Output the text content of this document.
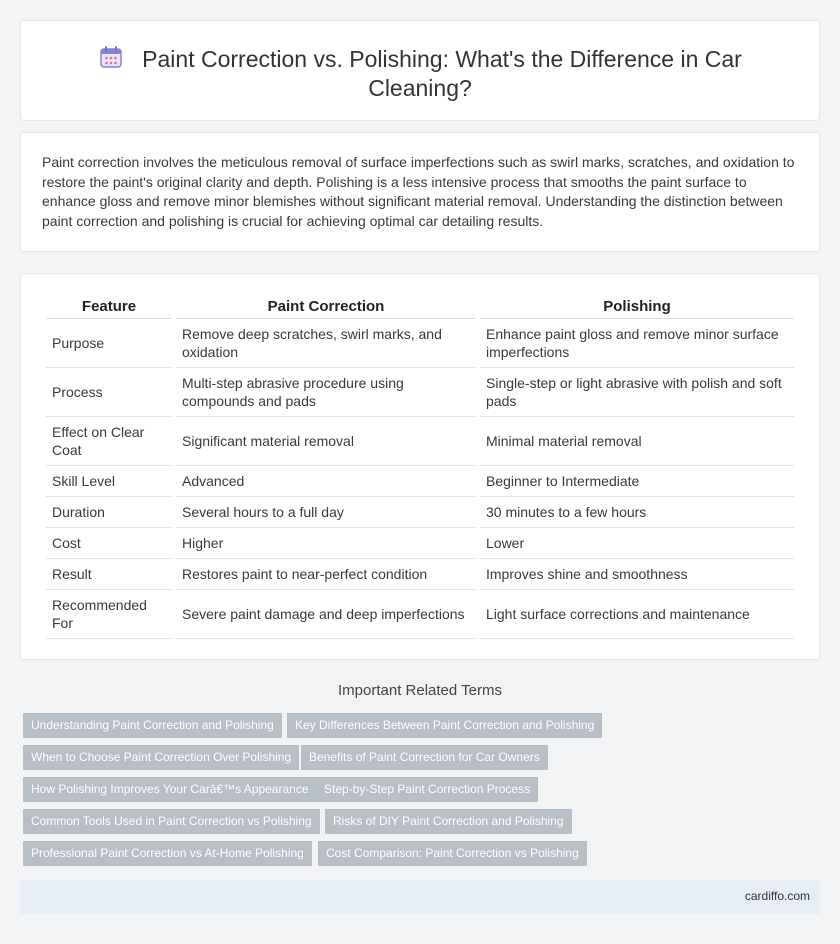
Paint Correction vs. Polishing: What's the Difference in Car Cleaning?

Paint correction involves the meticulous removal of surface imperfections such as swirl marks, scratches, and oxidation to restore the paint's original clarity and depth. Polishing is a less intensive process that smooths the paint surface to enhance gloss and remove minor blemishes without significant material removal. Understanding the distinction between paint correction and polishing is crucial for achieving optimal car detailing results.

Feature	Paint Correction	Polishing
Purpose	Remove deep scratches, swirl marks, and oxidation	Enhance paint gloss and remove minor surface imperfections
Process	Multi-step abrasive procedure using compounds and pads	Single-step or light abrasive with polish and soft pads
Effect on Clear Coat	Significant material removal	Minimal material removal
Skill Level	Advanced	Beginner to Intermediate
Duration	Several hours to a full day	30 minutes to a few hours
Cost	Higher	Lower
Result	Restores paint to near-perfect condition	Improves shine and smoothness
Recommended For	Severe paint damage and deep imperfections	Light surface corrections and maintenance
Important Related Terms
Understanding Paint Correction and Polishing	Key Differences Between Paint Correction and Polishing
When to Choose Paint Correction Over Polishing	Benefits of Paint Correction for Car Owners
How Polishing Improves Your Carâ€™s Appearance	Step-by-Step Paint Correction Process
Common Tools Used in Paint Correction vs Polishing	Risks of DIY Paint Correction and Polishing
Professional Paint Correction vs At-Home Polishing	Cost Comparison: Paint Correction vs Polishing
cardiffo.com
